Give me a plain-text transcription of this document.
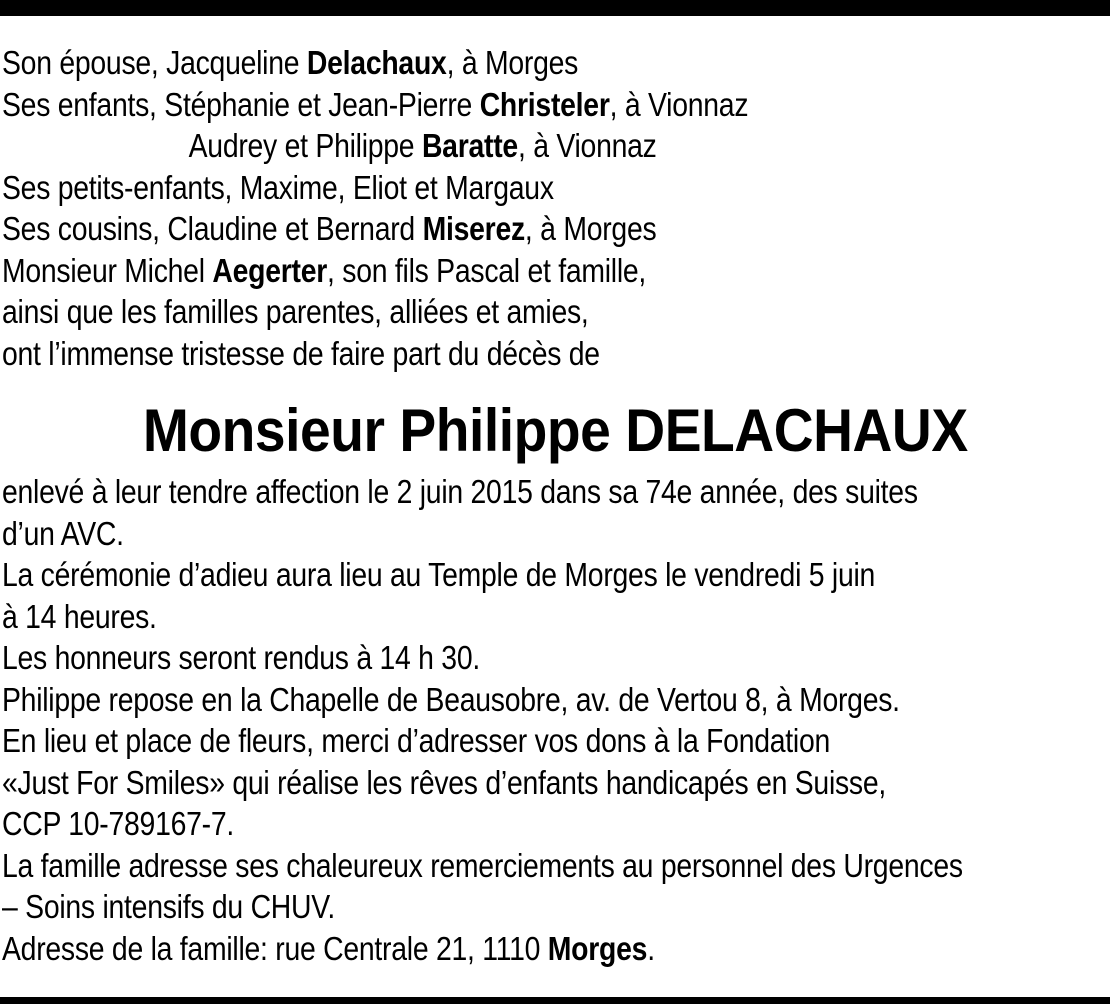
Son épouse, Jacqueline Delachaux, à Morges
Ses enfants, Stéphanie et Jean-Pierre Christeler, à Vionnaz
Audrey et Philippe Baratte, à Vionnaz
Ses petits-enfants, Maxime, Eliot et Margaux
Ses cousins, Claudine et Bernard Miserez, à Morges
Monsieur Michel Aegerter, son fils Pascal et famille,
ainsi que les familles parentes, alliées et amies,
ont l’immense tristesse de faire part du décès de
Monsieur Philippe DELACHAUX
enlevé à leur tendre affection le 2 juin 2015 dans sa 74e année, des suites
d’un AVC.
La cérémonie d’adieu aura lieu au Temple de Morges le vendredi 5 juin
à 14 heures.
Les honneurs seront rendus à 14 h 30.
Philippe repose en la Chapelle de Beausobre, av. de Vertou 8, à Morges.
En lieu et place de fleurs, merci d’adresser vos dons à la Fondation
«Just For Smiles» qui réalise les rêves d’enfants handicapés en Suisse,
CCP 10-789167-7.
La famille adresse ses chaleureux remerciements au personnel des Urgences
– Soins intensifs du CHUV.
Adresse de la famille: rue Centrale 21, 1110 Morges.
